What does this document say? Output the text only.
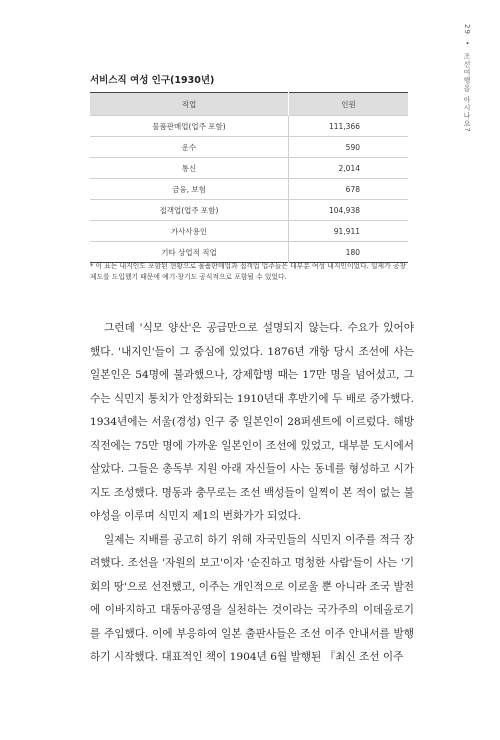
29 • 조선여행을 아시나요?
서비스직 여성 인구(1930년)
직업	인원
물품판매업(업주 포함)	111,366
운수	590
통신	2,014
금융, 보험	678
접객업(업주 포함)	104,938
가사사용인	91,911
기타 상업적 직업	180
* 이 표는 내지인도 포함된 현황으로 물품판매업과 접객업 업주들은 대부분 여성 내지인이었다. 일제가 공창제도를 도입했기 때문에 예기·창기도 공식적으로 포함될 수 있었다.

그런데 '식모 양산'은 공급만으로 설명되지 않는다. 수요가 있어야 했다. '내지인'들이 그 중심에 있었다. 1876년 개항 당시 조선에 사는 일본인은 54명에 불과했으나, 강제합병 때는 17만 명을 넘어섰고, 그 수는 식민지 통치가 안정화되는 1910년대 후반기에 두 배로 증가했다. 1934년에는 서울(경성) 인구 중 일본인이 28퍼센트에 이르렀다. 해방 직전에는 75만 명에 가까운 일본인이 조선에 있었고, 대부분 도시에서 살았다. 그들은 총독부 지원 아래 자신들이 사는 동네를 형성하고 시가지도 조성했다. 명동과 충무로는 조선 백성들이 일찍이 본 적이 없는 불야성을 이루며 식민지 제1의 번화가가 되었다.

일제는 지배를 공고히 하기 위해 자국민들의 식민지 이주를 적극 장려했다. 조선을 '자원의 보고'이자 '순진하고 멍청한 사람'들이 사는 '기회의 땅'으로 선전했고, 이주는 개인적으로 이로울 뿐 아니라 조국 발전에 이바지하고 대동아공영을 실천하는 것이라는 국가주의 이데올로기를 주입했다. 이에 부응하여 일본 출판사들은 조선 이주 안내서를 발행하기 시작했다. 대표적인 책이 1904년 6월 발행된 『최신 조선 이주
